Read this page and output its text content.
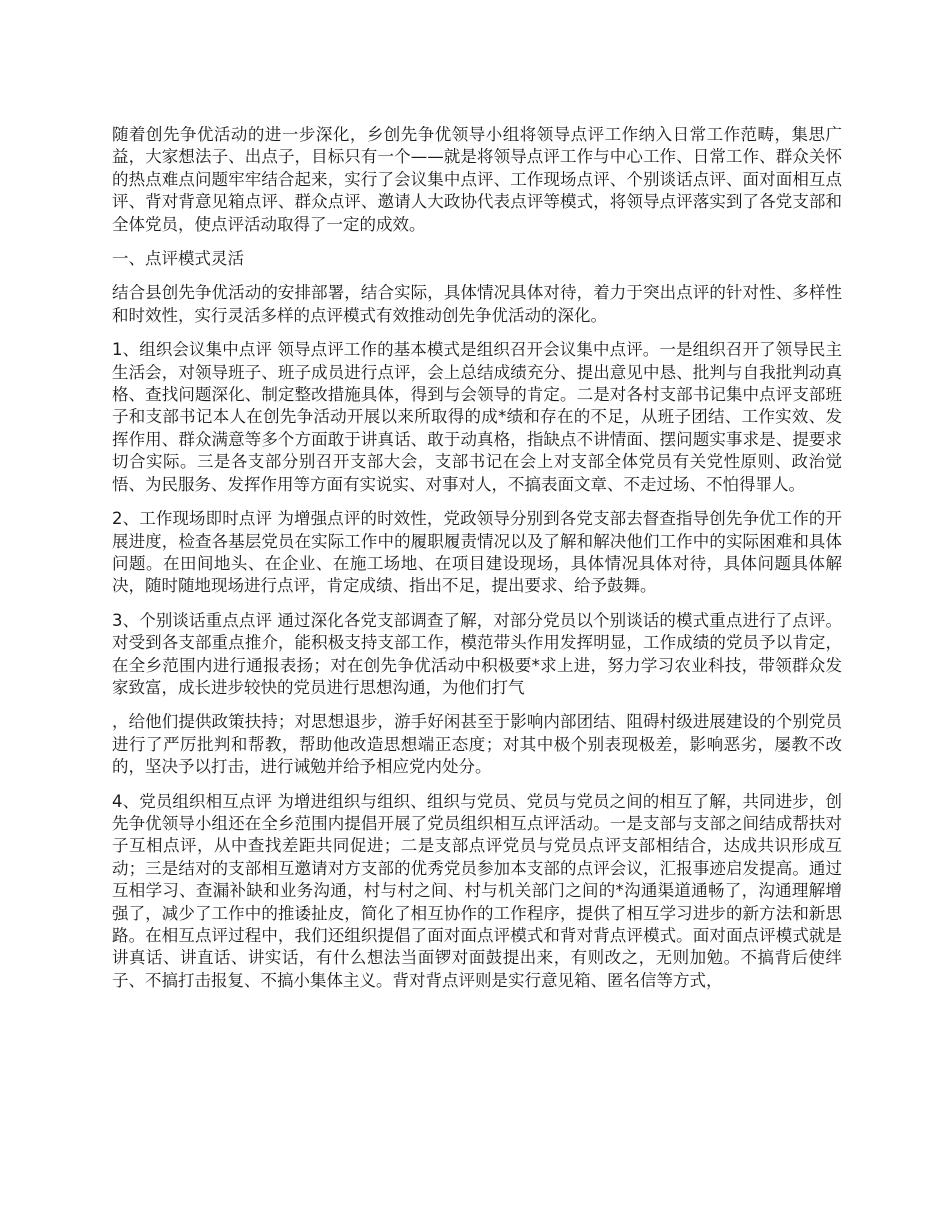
随着创先争优活动的进一步深化，乡创先争优领导小组将领导点评工作纳入日常工作范畴，集思广益，大家想法子、出点子，目标只有一个——就是将领导点评工作与中心工作、日常工作、群众关怀的热点难点问题牢牢结合起来，实行了会议集中点评、工作现场点评、个别谈话点评、面对面相互点评、背对背意见箱点评、群众点评、邀请人大政协代表点评等模式，将领导点评落实到了各党支部和全体党员，使点评活动取得了一定的成效。

一、点评模式灵活

结合县创先争优活动的安排部署，结合实际，具体情况具体对待，着力于突出点评的针对性、多样性和时效性，实行灵活多样的点评模式有效推动创先争优活动的深化。

1、组织会议集中点评 领导点评工作的基本模式是组织召开会议集中点评。一是组织召开了领导民主生活会，对领导班子、班子成员进行点评，会上总结成绩充分、提出意见中恳、批判与自我批判动真格、查找问题深化、制定整改措施具体，得到与会领导的肯定。二是对各村支部书记集中点评支部班子和支部书记本人在创先争活动开展以来所取得的成*绩和存在的不足，从班子团结、工作实效、发挥作用、群众满意等多个方面敢于讲真话、敢于动真格，指缺点不讲情面、摆问题实事求是、提要求切合实际。三是各支部分别召开支部大会，支部书记在会上对支部全体党员有关党性原则、政治觉悟、为民服务、发挥作用等方面有实说实、对事对人，不搞表面文章、不走过场、不怕得罪人。

2、工作现场即时点评 为增强点评的时效性，党政领导分别到各党支部去督查指导创先争优工作的开展进度，检查各基层党员在实际工作中的履职履责情况以及了解和解决他们工作中的实际困难和具体问题。在田间地头、在企业、在施工场地、在项目建设现场，具体情况具体对待，具体问题具体解决，随时随地现场进行点评，肯定成绩、指出不足，提出要求、给予鼓舞。

3、个别谈话重点点评 通过深化各党支部调查了解，对部分党员以个别谈话的模式重点进行了点评。对受到各支部重点推介，能积极支持支部工作，模范带头作用发挥明显，工作成绩的党员予以肯定，在全乡范围内进行通报表扬；对在创先争优活动中积极要*求上进，努力学习农业科技，带领群众发家致富，成长进步较快的党员进行思想沟通，为他们打气

，给他们提供政策扶持；对思想退步，游手好闲甚至于影响内部团结、阻碍村级进展建设的个别党员进行了严厉批判和帮教，帮助他改造思想端正态度；对其中极个别表现极差，影响恶劣，屡教不改的，坚决予以打击，进行诫勉并给予相应党内处分。

4、党员组织相互点评 为增进组织与组织、组织与党员、党员与党员之间的相互了解，共同进步，创先争优领导小组还在全乡范围内提倡开展了党员组织相互点评活动。一是支部与支部之间结成帮扶对子互相点评，从中查找差距共同促进；二是支部点评党员与党员点评支部相结合，达成共识形成互动；三是结对的支部相互邀请对方支部的优秀党员参加本支部的点评会议，汇报事迹启发提高。通过互相学习、查漏补缺和业务沟通，村与村之间、村与机关部门之间的*沟通渠道通畅了，沟通理解增强了，减少了工作中的推诿扯皮，简化了相互协作的工作程序，提供了相互学习进步的新方法和新思路。在相互点评过程中，我们还组织提倡了面对面点评模式和背对背点评模式。面对面点评模式就是讲真话、讲直话、讲实话，有什么想法当面锣对面鼓提出来，有则改之，无则加勉。不搞背后使绊子、不搞打击报复、不搞小集体主义。背对背点评则是实行意见箱、匿名信等方式，
